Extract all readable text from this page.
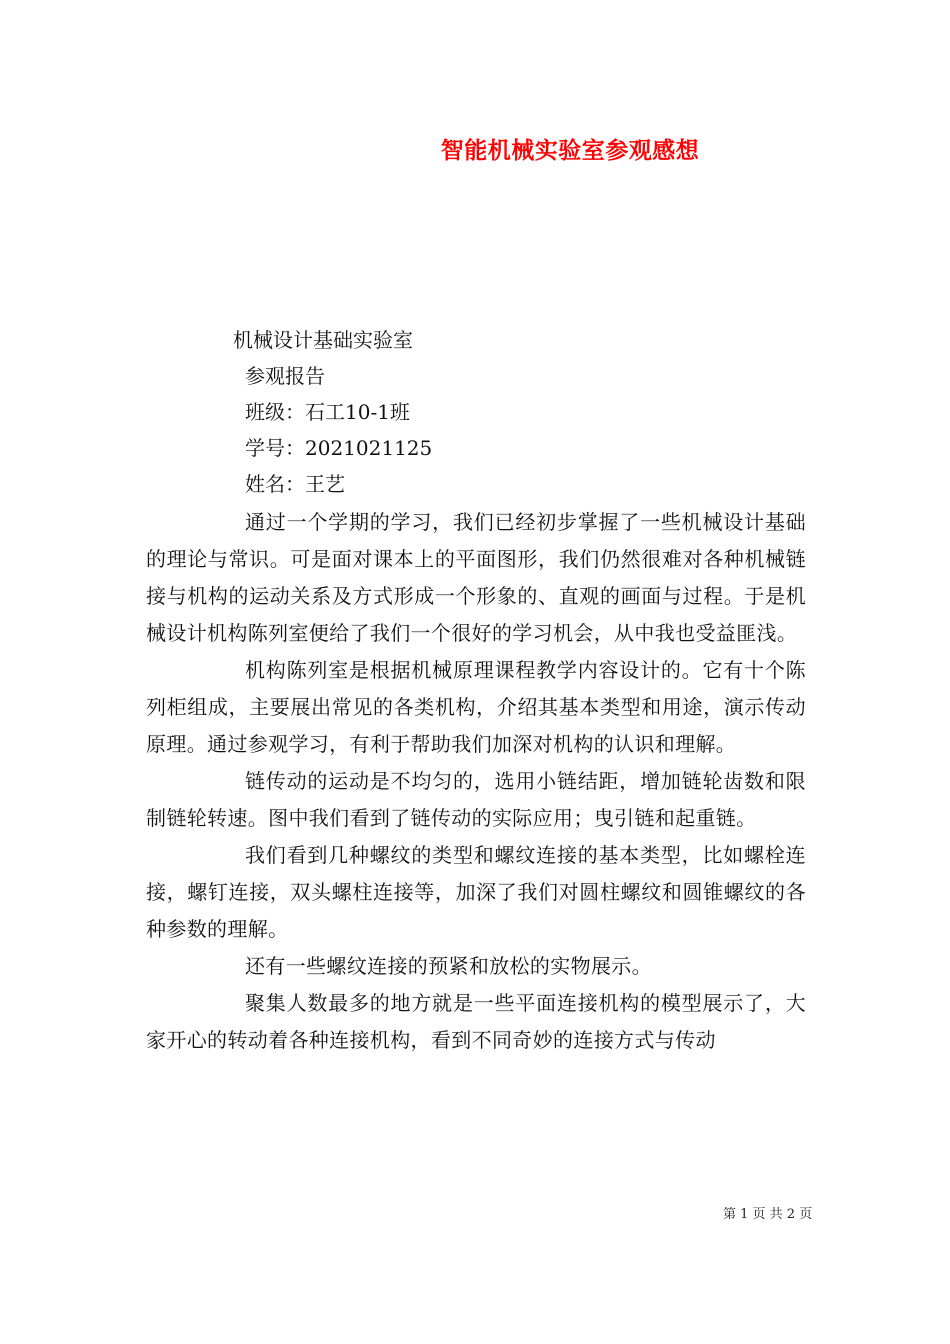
智能机械实验室参观感想
机械设计基础实验室
参观报告
班级：石工10-1班
学号：2021021125
姓名：王艺

通过一个学期的学习，我们已经初步掌握了一些机械设计基础的理论与常识。可是面对课本上的平面图形，我们仍然很难对各种机械链接与机构的运动关系及方式形成一个形象的、直观的画面与过程。于是机械设计机构陈列室便给了我们一个很好的学习机会，从中我也受益匪浅。

机构陈列室是根据机械原理课程教学内容设计的。它有十个陈列柜组成，主要展出常见的各类机构，介绍其基本类型和用途，演示传动原理。通过参观学习，有利于帮助我们加深对机构的认识和理解。

链传动的运动是不均匀的，选用小链结距，增加链轮齿数和限制链轮转速。图中我们看到了链传动的实际应用；曳引链和起重链。

我们看到几种螺纹的类型和螺纹连接的基本类型，比如螺栓连接，螺钉连接，双头螺柱连接等，加深了我们对圆柱螺纹和圆锥螺纹的各种参数的理解。

还有一些螺纹连接的预紧和放松的实物展示。

聚集人数最多的地方就是一些平面连接机构的模型展示了，大家开心的转动着各种连接机构，看到不同奇妙的连接方式与传动

第 1 页 共 2 页
